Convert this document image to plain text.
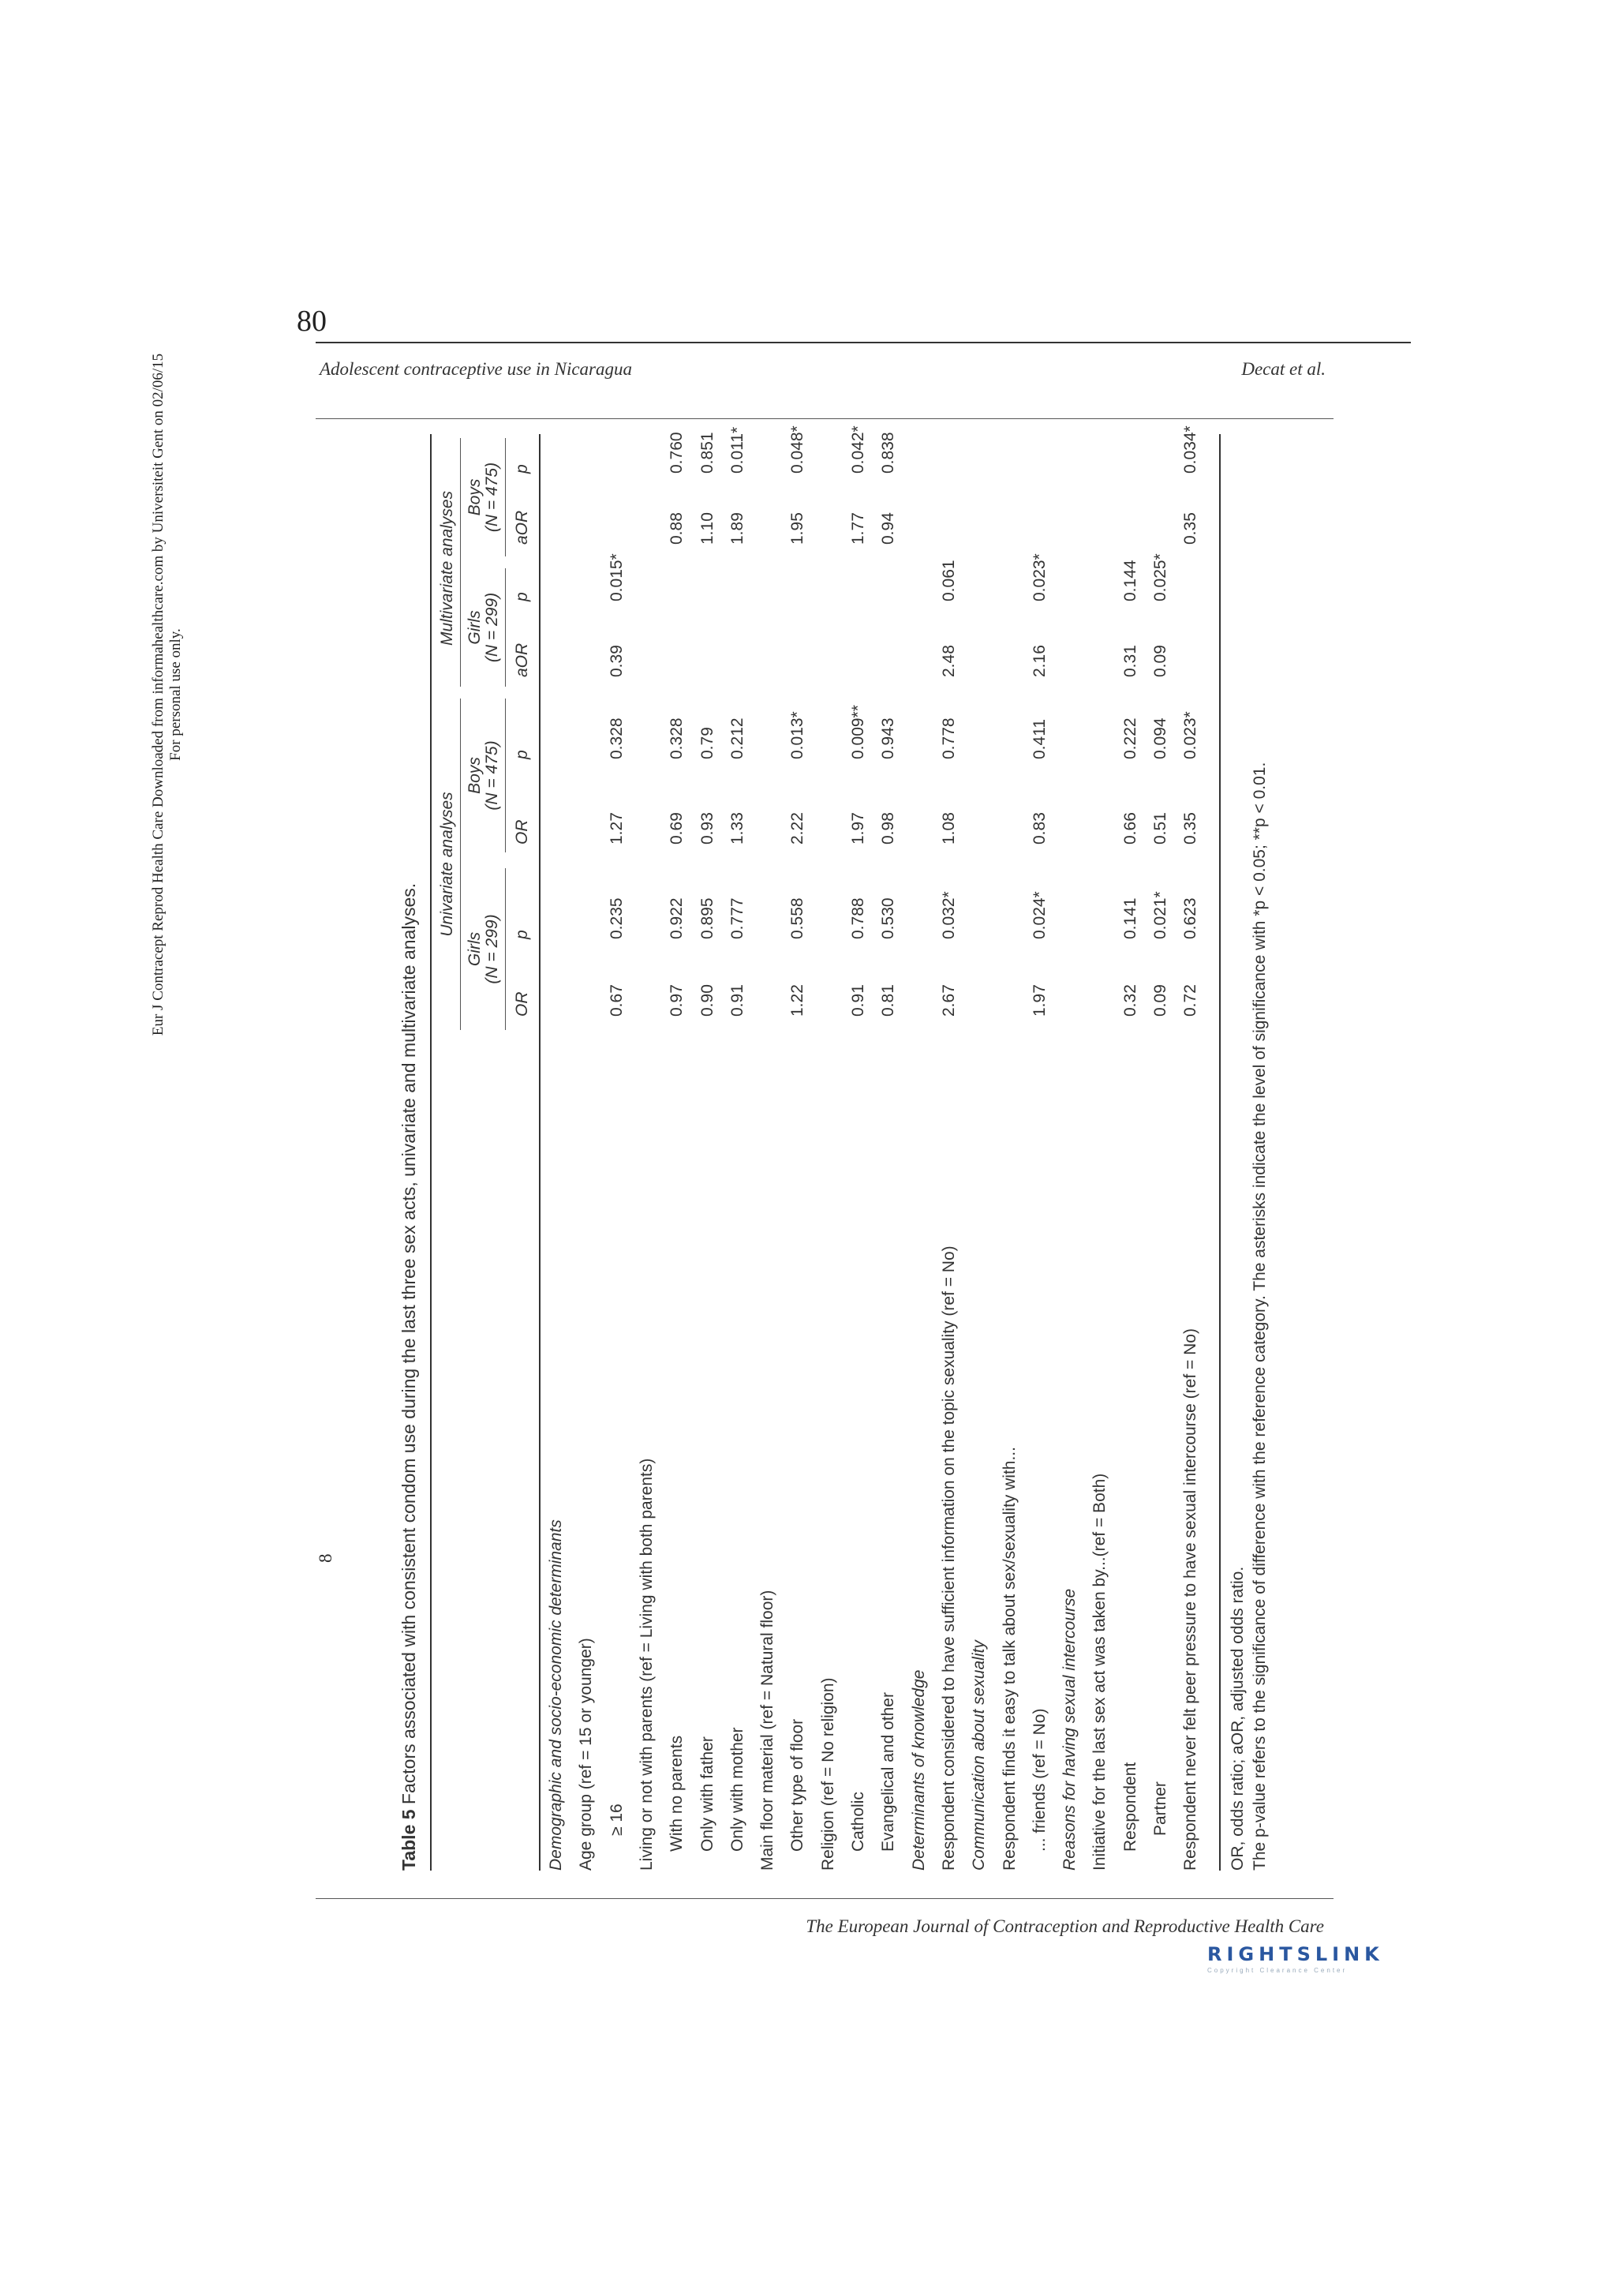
80
Adolescent contraceptive use in Nicaragua	Decat et al.
The European Journal of Contraception and Reproductive Health Care
RIGHTSLINK
Copyright Clearance Center
Eur J Contracept Reprod Health Care Downloaded from informahealthcare.com by Universiteit Gent on 02/06/15 For personal use only.
8
Table 5 Factors associated with consistent condom use during the last three sex acts, univariate and multivariate analyses.
Univariate analyses
Multivariate analyses
Girls (N = 299)
Boys (N = 475)
Girls (N = 299)
Boys (N = 475)
OR
p
OR
p
aOR
p
aOR
p
Demographic and socio-economic determinants Age group (ref = 15 or younger) ≥ 16
0.67
0.235
1.27
0.328
0.39
0.015*
Living or not with parents (ref = Living with both parents) With no parents
0.97
0.922
0.69
0.328
0.88
0.760
Only with father
0.90
0.895
0.93
0.79
1.10
0.851
Only with mother
0.91
0.777
1.33
0.212
1.89
0.011*
Main floor material (ref = Natural floor) Other type of floor
1.22
0.558
2.22
0.013*
1.95
0.048*
Religion (ref = No religion) Catholic
0.91
0.788
1.97
0.009**
1.77
0.042*
Evangelical and other
0.81
0.530
0.98
0.943
0.94
0.838
Determinants of knowledge Respondent considered to have sufficient information on the topic sexuality (ref = No)
2.67
0.032*
1.08
0.778
2.48
0.061
Communication about sexuality Respondent finds it easy to talk about sex/sexuality with... ... friends (ref = No)
1.97
0.024*
0.83
0.411
2.16
0.023*
Reasons for having sexual intercourse Initiative for the last sex act was taken by...(ref = Both) Respondent
0.32
0.141
0.66
0.222
0.31
0.144
Partner
0.09
0.021*
0.51
0.094
0.09
0.025*
Respondent never felt peer pressure to have sexual intercourse (ref = No)
0.72
0.623
0.35
0.023*
0.35
0.034*
OR, odds ratio; aOR, adjusted odds ratio. The p-value refers to the significance of difference with the reference category. The asterisks indicate the level of significance with *p < 0.05; **p < 0.01.
